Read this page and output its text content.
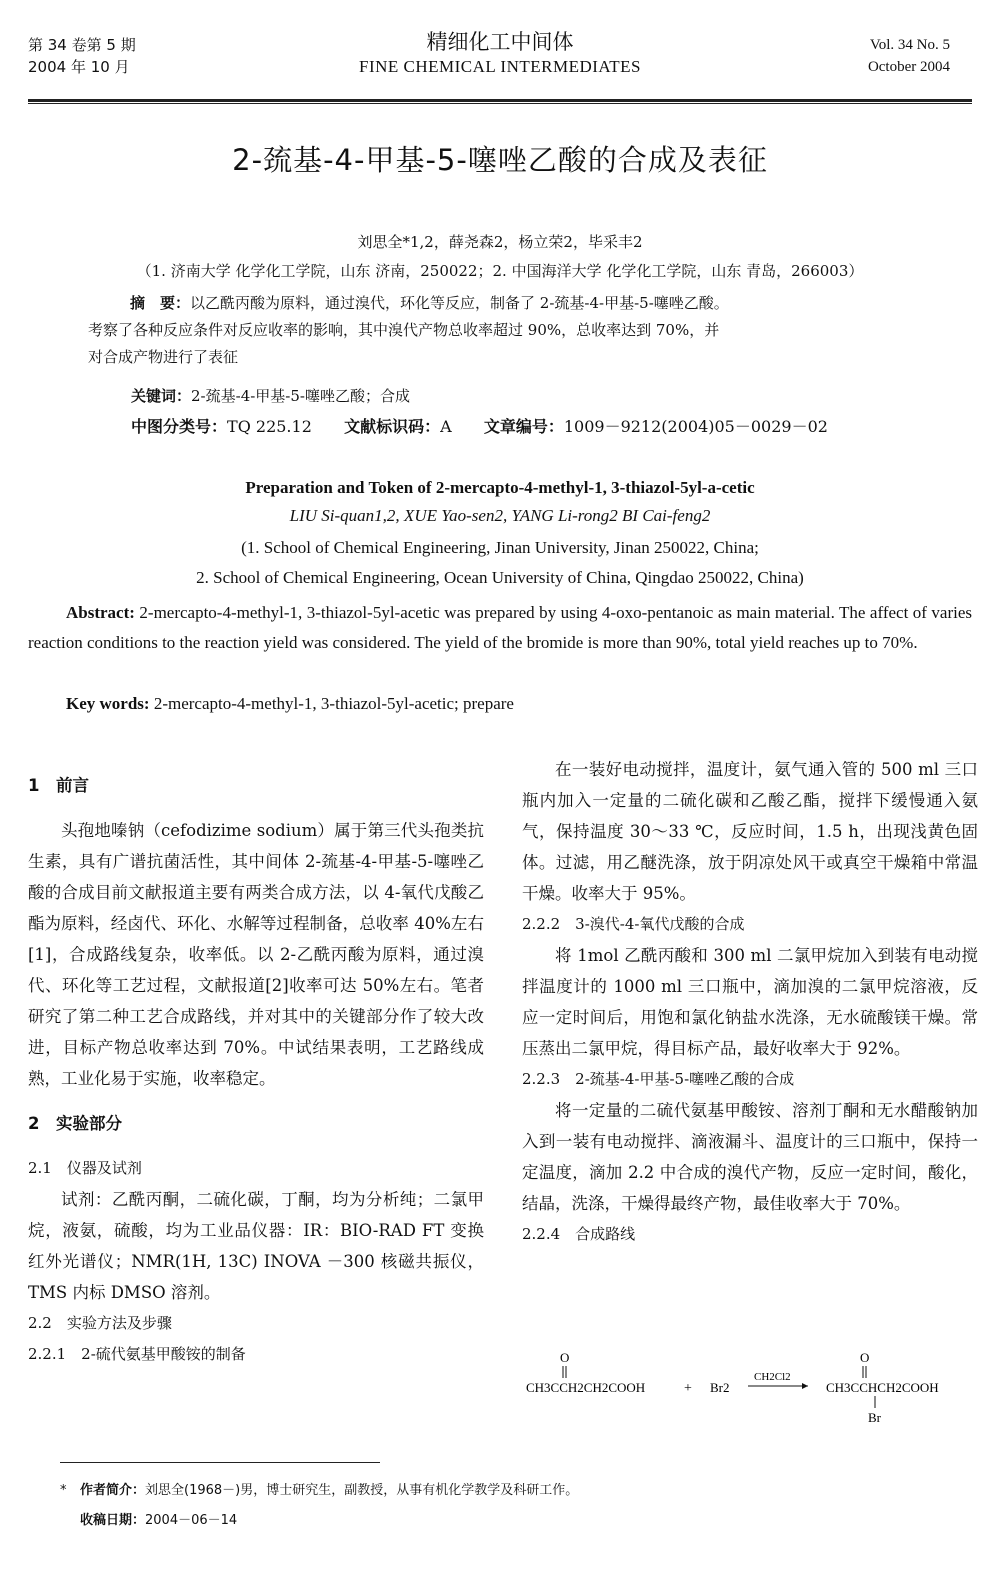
第 34 卷第 5 期
2004 年 10 月
精细化工中间体
FINE CHEMICAL INTERMEDIATES
Vol. 34 No. 5
October 2004
2-巯基-4-甲基-5-噻唑乙酸的合成及表征
刘思全*1,2，薛尧森2，杨立荣2，毕采丰2
（1. 济南大学 化学化工学院，山东 济南，250022；2. 中国海洋大学 化学化工学院，山东 青岛，266003）

摘　要：以乙酰丙酸为原料，通过溴代，环化等反应，制备了 2-巯基-4-甲基-5-噻唑乙酸。

考察了各种反应条件对反应收率的影响，其中溴代产物总收率超过 90%，总收率达到 70%，并

对合成产物进行了表征

关键词：2-巯基-4-甲基-5-噻唑乙酸；合成
中图分类号：TQ 225.12 文献标识码：A 文章编号：1009－9212(2004)05－0029－02
Preparation and Token of 2-mercapto-4-methyl-1, 3-thiazol-5yl-a-cetic
LIU Si-quan1,2, XUE Yao-sen2, YANG Li-rong2 BI Cai-feng2
(1. School of Chemical Engineering, Jinan University, Jinan 250022, China;
2. School of Chemical Engineering, Ocean University of China, Qingdao 250022, China)

Abstract: 2-mercapto-4-methyl-1, 3-thiazol-5yl-acetic was prepared by using 4-oxo-pentanoic as main material. The affect of varies reaction conditions to the reaction yield was considered. The yield of the bromide is more than 90%, total yield reaches up to 70%.

Key words: 2-mercapto-4-methyl-1, 3-thiazol-5yl-acetic; prepare

1　前言

头孢地嗪钠（cefodizime sodium）属于第三代头孢类抗生素，具有广谱抗菌活性，其中间体 2-巯基-4-甲基-5-噻唑乙酸的合成目前文献报道主要有两类合成方法，以 4-氧代戊酸乙酯为原料，经卤代、环化、水解等过程制备，总收率 40%左右[1]，合成路线复杂，收率低。以 2-乙酰丙酸为原料，通过溴代、环化等工艺过程，文献报道[2]收率可达 50%左右。笔者研究了第二种工艺合成路线，并对其中的关键部分作了较大改进，目标产物总收率达到 70%。中试结果表明，工艺路线成熟，工业化易于实施，收率稳定。

2　实验部分

2.1　仪器及试剂

试剂：乙酰丙酮，二硫化碳，丁酮，均为分析纯；二氯甲烷，液氨，硫酸，均为工业品仪器：IR：BIO-RAD FT 变换红外光谱仪；NMR(1H, 13C) INOVA －300 核磁共振仪，TMS 内标 DMSO 溶剂。

2.2　实验方法及步骤

2.2.1　2-硫代氨基甲酸铵的制备

在一装好电动搅拌，温度计，氨气通入管的 500 ml 三口瓶内加入一定量的二硫化碳和乙酸乙酯，搅拌下缓慢通入氨气，保持温度 30～33 ℃，反应时间，1.5 h，出现浅黄色固体。过滤，用乙醚洗涤，放于阴凉处风干或真空干燥箱中常温干燥。收率大于 95%。

2.2.2　3-溴代-4-氧代戊酸的合成

将 1mol 乙酰丙酸和 300 ml 二氯甲烷加入到装有电动搅拌温度计的 1000 ml 三口瓶中，滴加溴的二氯甲烷溶液，反应一定时间后，用饱和氯化钠盐水洗涤，无水硫酸镁干燥。常压蒸出二氯甲烷，得目标产品，最好收率大于 92%。

2.2.3　2-巯基-4-甲基-5-噻唑乙酸的合成

将一定量的二硫代氨基甲酸铵、溶剂丁酮和无水醋酸钠加入到一装有电动搅拌、滴液漏斗、温度计的三口瓶中，保持一定温度，滴加 2.2 中合成的溴代产物，反应一定时间，酸化，结晶，洗涤，干燥得最终产物，最佳收率大于 70%。

2.2.4　合成路线

O
CH3CCH2CH2COOH	+ Br2
CH2Cl2
O
CH3CCHCH2COOH
Br
* 作者简介：刘思全(1968－)男，博士研究生，副教授，从事有机化学教学及科研工作。
收稿日期：2004－06－14
